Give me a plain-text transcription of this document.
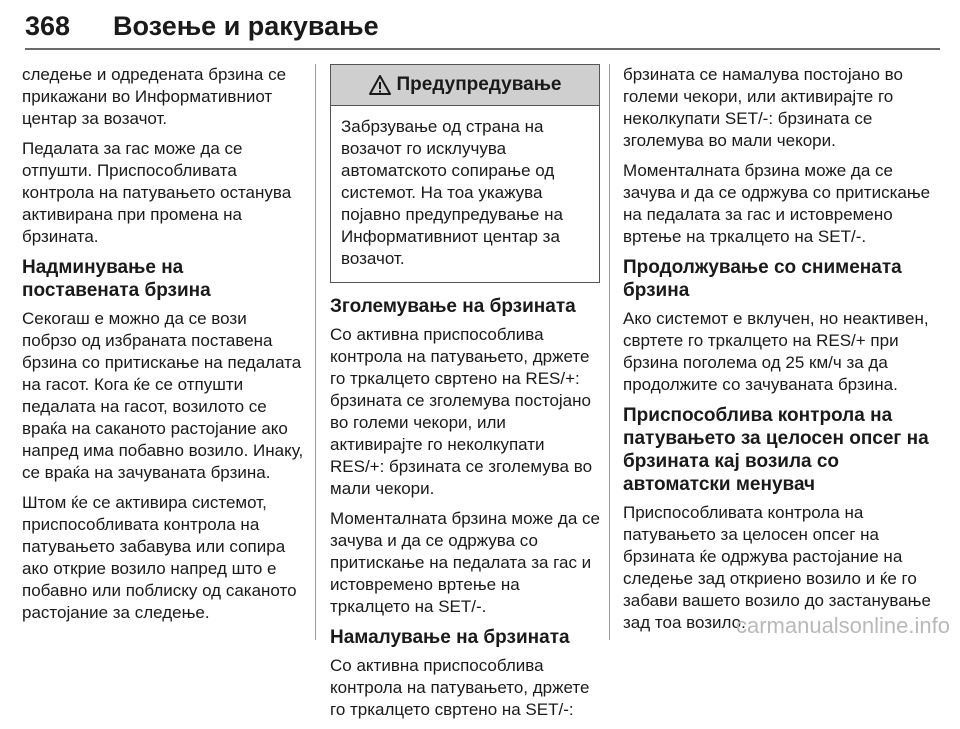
368 Возење и ракување

следење и одредената брзина се прикажани во Информативниот центар за возачот.

Педалата за гас може да се отпушти. Приспособливата контрола на патувањето останува активирана при промена на брзината.

Надминување на поставената брзина

Секогаш е можно да се вози побрзо од избраната поставена брзина со притискање на педалата на гасот. Кога ќе се отпушти педалата на гасот, возилото се враќа на саканото растојание ако напред има побавно возило. Инаку, се враќа на зачуваната брзина.

Штом ќе се активира системот, приспособливата контрола на патувањето забавува или сопира ако открие возило напред што е побавно или поблиску од саканото растојание за следење.

Предупредување
Забрзување од страна на возачот го исклучува автоматското сопирање од системот. На тоа укажува појавно предупредување на Информативниот центар за возачот.
Зголемување на брзината

Со активна приспособлива контрола на патувањето, држете го тркалцето свртено на RES/+: брзината се зголемува постојано во големи чекори, или активирајте го неколкупати RES/+: брзината се зголемува во мали чекори.

Моменталната брзина може да се зачува и да се одржува со притискање на педалата за гас и истовремено вртење на тркалцето на SET/-.

Намалување на брзината

Со активна приспособлива контрола на патувањето, држете го тркалцето свртено на SET/-:

брзината се намалува постојано во големи чекори, или активирајте го неколкупати SET/-: брзината се зголемува во мали чекори.

Моменталната брзина може да се зачува и да се одржува со притискање на педалата за гас и истовремено вртење на тркалцето на SET/-.

Продолжување со снимената брзина

Ако системот е вклучен, но неактивен, свртете го тркалцето на RES/+ при брзина поголема од 25 км/ч за да продолжите со зачуваната брзина.

Приспособлива контрола на патувањето за целосен опсег на брзината кај возила со автоматски менувач

Приспособливата контрола на патувањето за целосен опсег на брзината ќе одржува растојание на следење зад откриено возило и ќе го забави вашето возило до застанување зад тоа возило.

carmanualsonline.info
